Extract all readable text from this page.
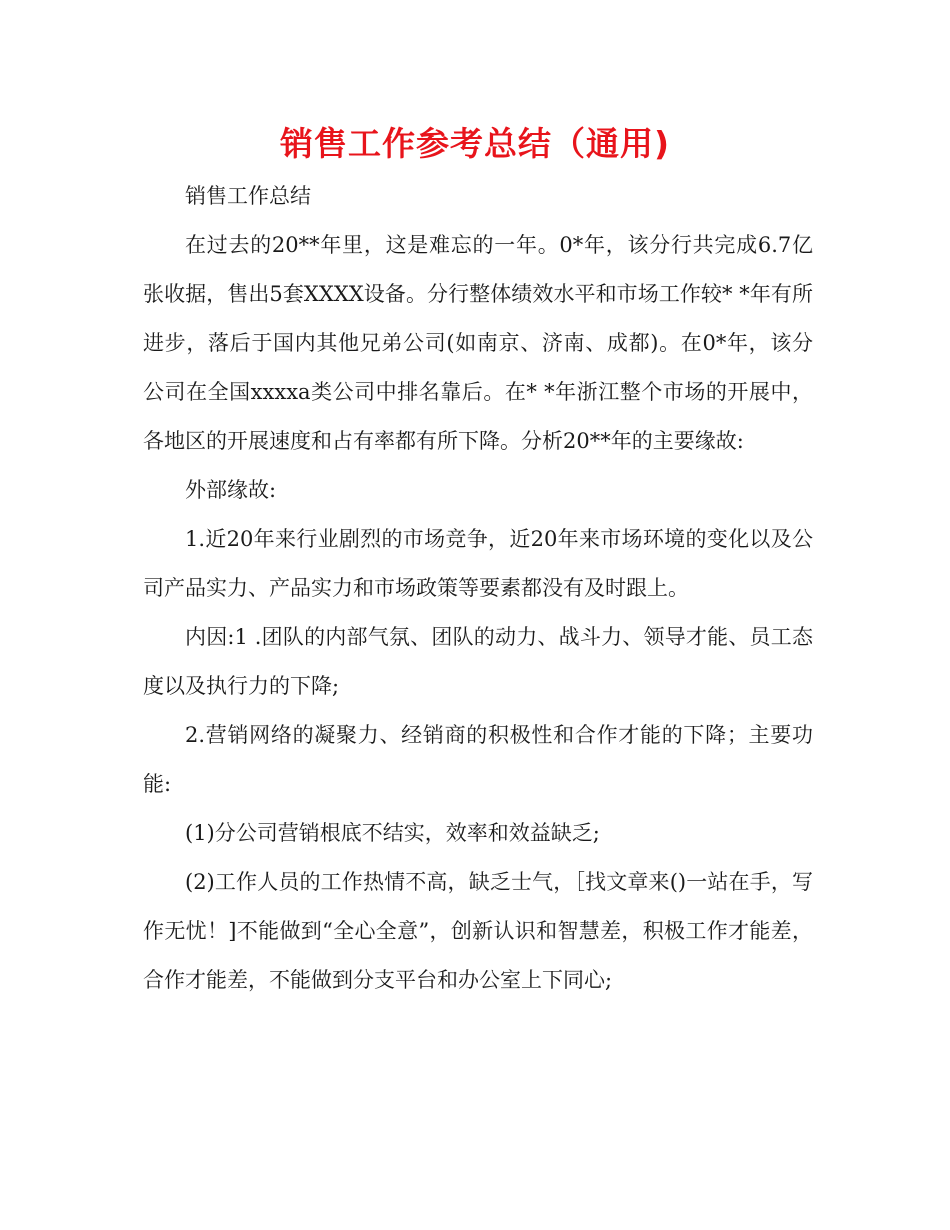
销售工作参考总结（通用)

销售工作总结

在过去的20**年里，这是难忘的一年。0*年，该分行共完成6.7亿张收据，售出5套XXXX设备。分行整体绩效水平和市场工作较* *年有所进步，落后于国内其他兄弟公司(如南京、济南、成都)。在0*年，该分公司在全国xxxxa类公司中排名靠后。在* *年浙江整个市场的开展中，各地区的开展速度和占有率都有所下降。分析20**年的主要缘故:

外部缘故:

1.近20年来行业剧烈的市场竞争，近20年来市场环境的变化以及公司产品实力、产品实力和市场政策等要素都没有及时跟上。

内因:1 .团队的内部气氛、团队的动力、战斗力、领导才能、员工态度以及执行力的下降;

2.营销网络的凝聚力、经销商的积极性和合作才能的下降；主要功能:

(1)分公司营销根底不结实，效率和效益缺乏;

(2)工作人员的工作热情不高，缺乏士气，［找文章来()一站在手，写作无忧！]不能做到“全心全意”，创新认识和智慧差，积极工作才能差，合作才能差，不能做到分支平台和办公室上下同心;
